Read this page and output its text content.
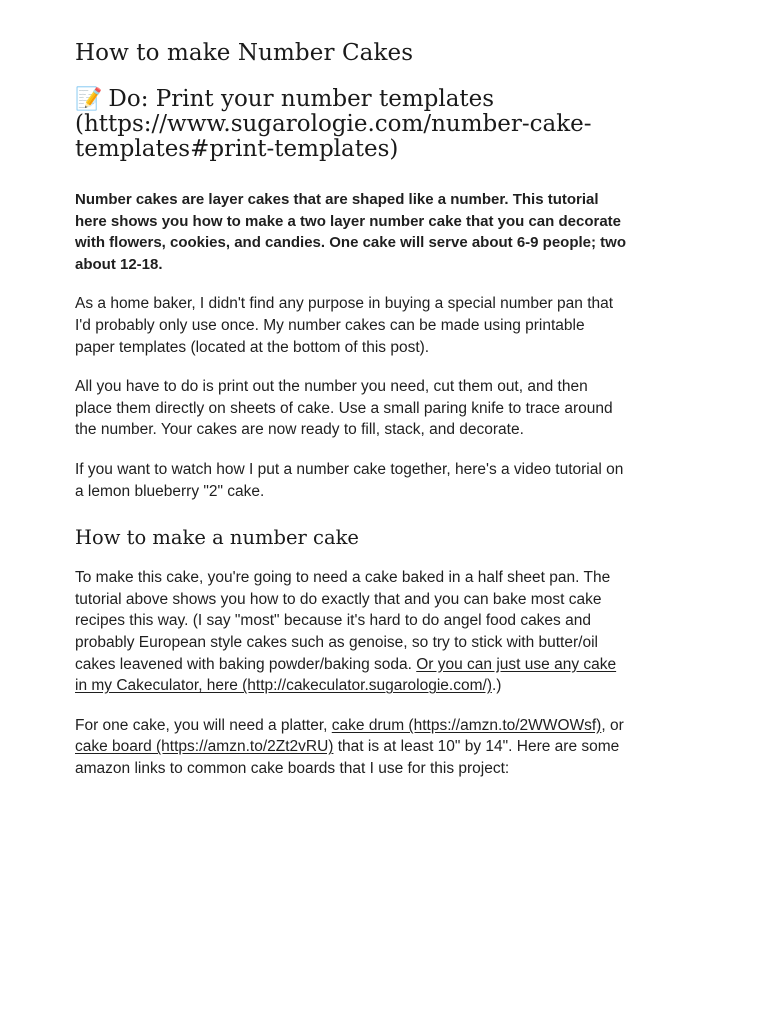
How to make Number Cakes
📝 Do: Print your number templates (https://www.sugarologie.com/number-cake-templates#print-templates)

Number cakes are layer cakes that are shaped like a number. This tutorial here shows you how to make a two layer number cake that you can decorate with flowers, cookies, and candies. One cake will serve about 6-9 people; two about 12-18.

As a home baker, I didn't find any purpose in buying a special number pan that I'd probably only use once. My number cakes can be made using printable paper templates (located at the bottom of this post).

All you have to do is print out the number you need, cut them out, and then place them directly on sheets of cake. Use a small paring knife to trace around the number. Your cakes are now ready to fill, stack, and decorate.

If you want to watch how I put a number cake together, here's a video tutorial on a lemon blueberry "2" cake.

How to make a number cake

To make this cake, you're going to need a cake baked in a half sheet pan. The tutorial above shows you how to do exactly that and you can bake most cake recipes this way. (I say "most" because it's hard to do angel food cakes and probably European style cakes such as genoise, so try to stick with butter/oil cakes leavened with baking powder/baking soda. Or you can just use any cake in my Cakeculator, here (http://cakeculator.sugarologie.com/).)

For one cake, you will need a platter, cake drum (https://amzn.to/2WWOWsf), or cake board (https://amzn.to/2Zt2vRU) that is at least 10" by 14". Here are some amazon links to common cake boards that I use for this project:
